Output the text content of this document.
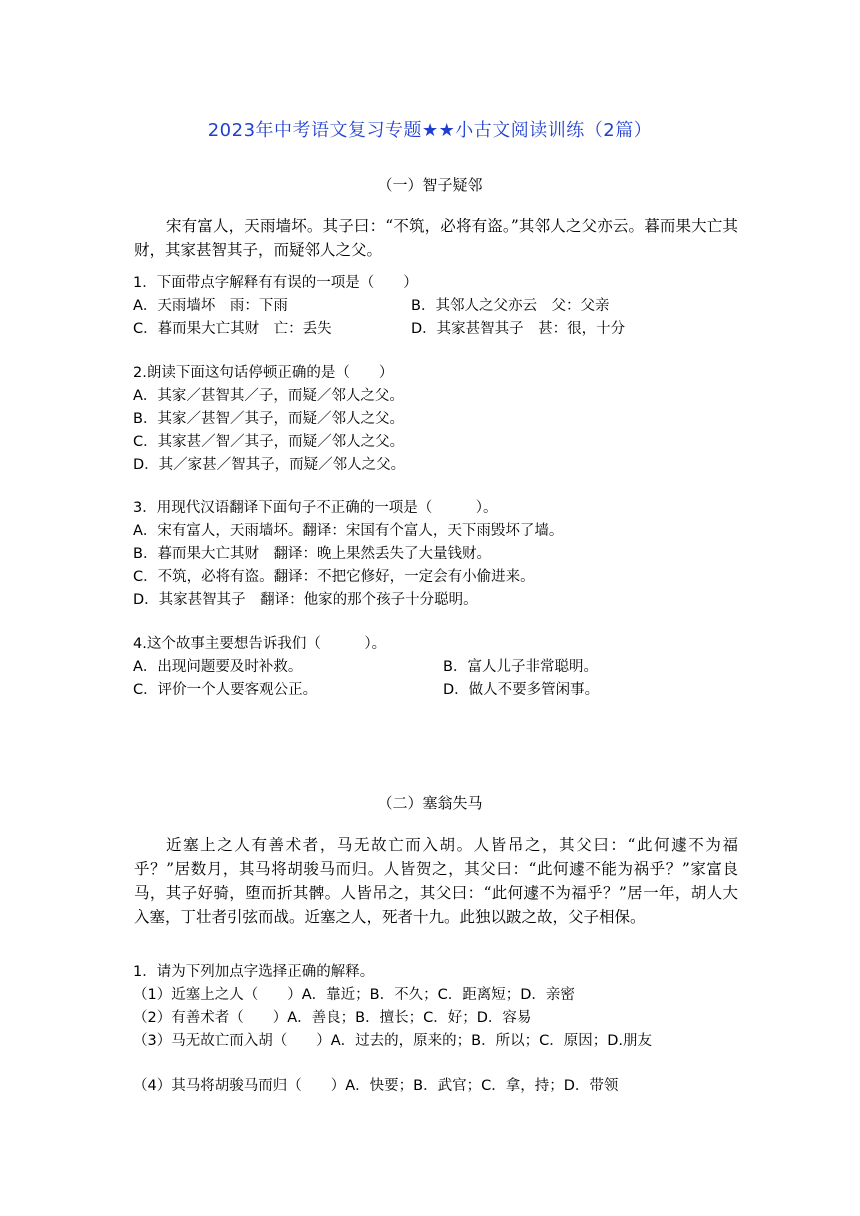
2023年中考语文复习专题★★小古文阅读训练（2篇）
（一）智子疑邻
宋有富人，天雨墙坏。其子曰：“不筑，必将有盗。”其邻人之父亦云。暮而果大亡其财，其家甚智其子，而疑邻人之父。
1．下面带点字解释有有误的一项是（　　）
A．天雨墙坏　雨：下雨	B．其邻人之父亦云　父：父亲
C．暮而果大亡其财　亡：丢失	D．其家甚智其子　甚：很，十分
2.朗读下面这句话停顿正确的是（　　）
A．其家／甚智其／子，而疑／邻人之父。
B．其家／甚智／其子，而疑／邻人之父。
C．其家甚／智／其子，而疑／邻人之父。
D．其／家甚／智其子，而疑／邻人之父。
3．用现代汉语翻译下面句子不正确的一项是（　　　）。
A．宋有富人，天雨墙坏。翻译：宋国有个富人，天下雨毁坏了墙。
B．暮而果大亡其财　翻译：晚上果然丢失了大量钱财。
C．不筑，必将有盗。翻译：不把它修好，一定会有小偷进来。
D．其家甚智其子　翻译：他家的那个孩子十分聪明。
4.这个故事主要想告诉我们（　　　）。
A．出现问题要及时补救。	B．富人儿子非常聪明。
C．评价一个人要客观公正。	D．做人不要多管闲事。
（二）塞翁失马
近塞上之人有善术者，马无故亡而入胡。人皆吊之，其父曰：“此何遽不为福乎？”居数月，其马将胡骏马而归。人皆贺之，其父曰：“此何遽不能为祸乎？”家富良马，其子好骑，堕而折其髀。人皆吊之，其父曰：“此何遽不为福乎？”居一年，胡人大入塞，丁壮者引弦而战。近塞之人，死者十九。此独以跛之故，父子相保。
1．请为下列加点字选择正确的解释。
（1）近塞上之人（　　）A．靠近；B．不久；C．距离短；D．亲密
（2）有善术者（　　）A．善良；B．擅长；C．好；D．容易
（3）马无故亡而入胡（　　）A．过去的，原来的；B．所以；C．原因；D.朋友
（4）其马将胡骏马而归（　　）A．快要；B．武官；C．拿，持；D．带领
